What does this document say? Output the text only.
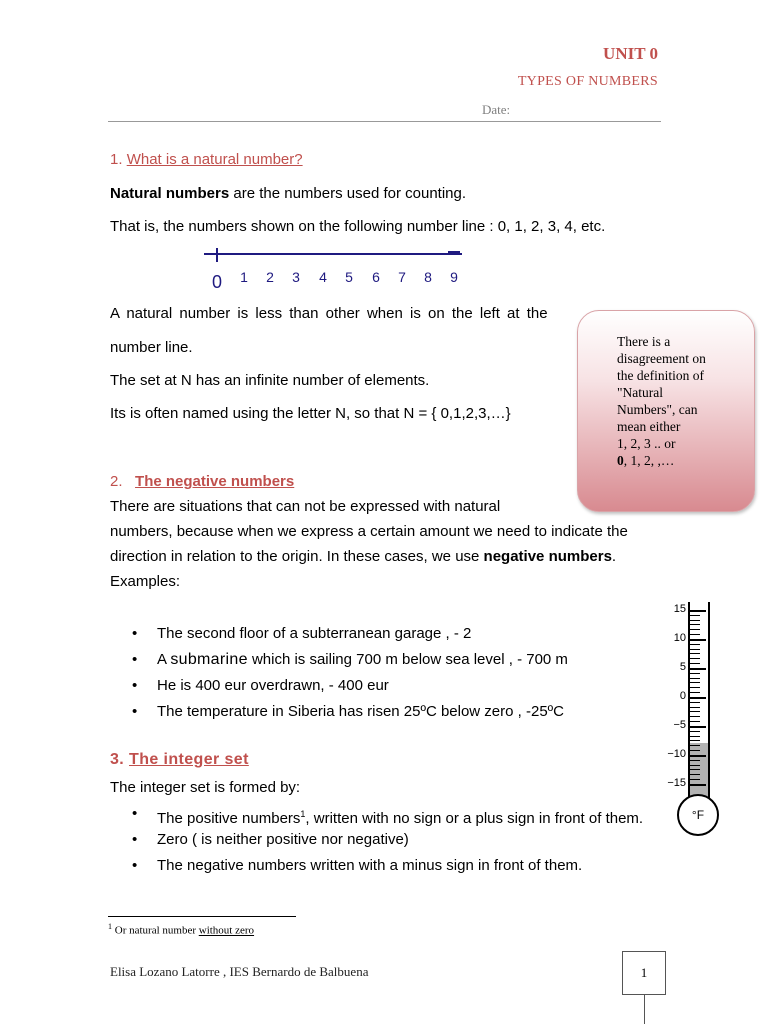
UNIT 0
TYPES OF NUMBERS
Date:
1. What is a natural number?
Natural numbers are the numbers used for counting.
That is, the numbers shown on the following number line : 0, 1, 2, 3, 4, etc.
0 1 2 3 4 5 6 7 8 9
A natural number is less than other when is on the left at the
number line.
The set at N has an infinite number of elements.
Its is often named using the letter N, so that N = { 0,1,2,3,…}
There is a
disagreement on
the definition of
"Natural
Numbers", can
mean either
1, 2, 3 .. or
0, 1, 2, ,…
2. The negative numbers
There are situations that can not be expressed with natural
numbers, because when we express a certain amount we need to indicate the
direction in relation to the origin. In these cases, we use negative numbers.
Examples:
• The second floor of a subterranean garage , - 2
• A submarine which is sailing 700 m below sea level , - 700 m
• He is 400 eur overdrawn, - 400 eur
• The temperature in Siberia has risen 25ºC below zero , -25ºC
15
10
5
0
−5
−10
−15
°F
3. The integer set
The integer set is formed by:
• The positive numbers$^1$, written with no sign or a plus sign in front of them.
• Zero ( is neither positive nor negative)
• The negative numbers written with a minus sign in front of them.
$^1$ Or natural number without zero
Elisa Lozano Latorre , IES Bernardo de Balbuena	1
